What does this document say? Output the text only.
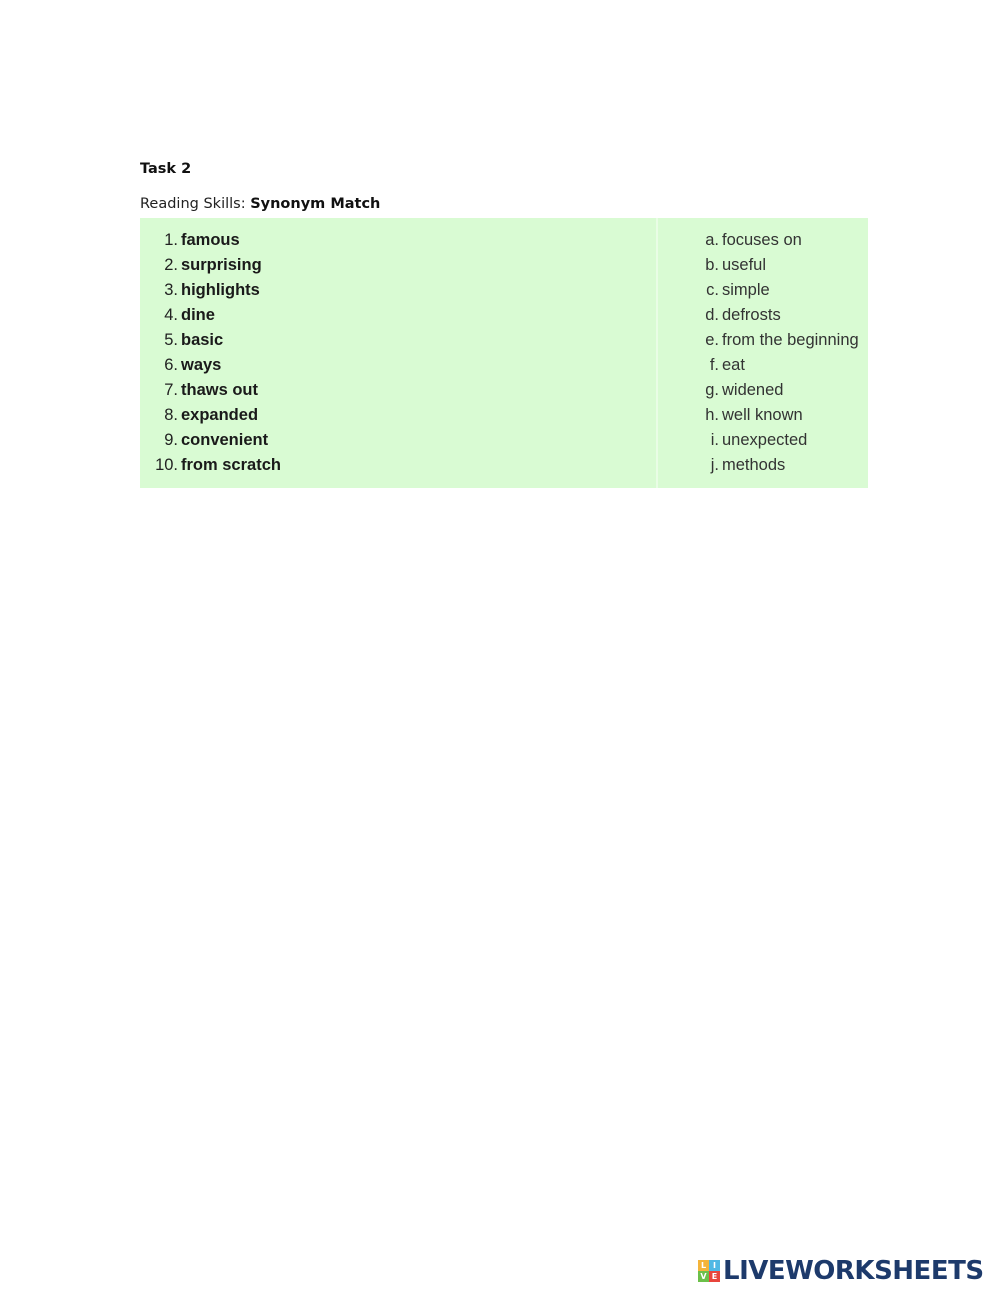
Task 2
Reading Skills: Synonym Match
1. famous
2. surprising
3. highlights
4. dine
5. basic
6. ways
7. thaws out
8. expanded
9. convenient
10. from scratch
a. focuses on
b. useful
c. simple
d. defrosts
e. from the beginning
f. eat
g. widened
h. well known
i. unexpected
j. methods
L I
V E LIVEWORKSHEETS
